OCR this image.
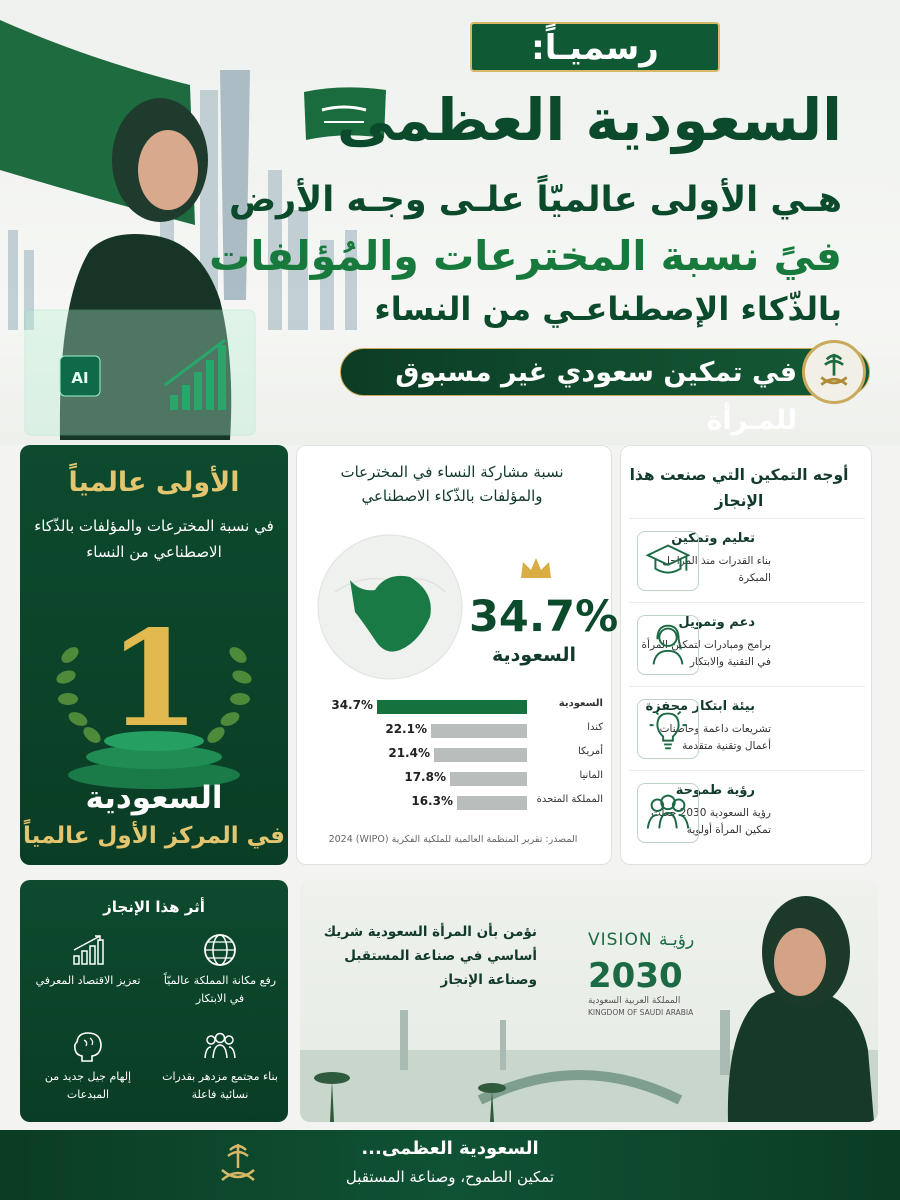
AI
رسميـاً:
السعودية العظمى
هـي الأولى عالميّاً علـى وجـه الأرض
فيً نسبة المخترعات والمُؤلفات
بالذّكاء الإصطناعـي من النساء
في تمكين سعودي غير مسبوق للمـرأة
الأولى عالمياً
في نسبة المخترعات والمؤلفات بالذّكاء الاصطناعي من النساء
1
السعودية
في المركز الأول عالمياً
نسبة مشاركة النساء في المخترعات والمؤلفات بالذّكاء الاصطناعي
34.7%
السعودية
السعودية
34.7%
كندا
22.1%
أمريكا
21.4%
المانيا
17.8%
المملكة المتحدة
16.3%
المصدر: تقرير المنظمة العالمية للملكية الفكرية (WIPO) 2024
أوجه التمكين التي صنعت هذا الإنجاز
تعليم وتمكين
بناء القدرات منذ المراحل المبكرة
دعم وتمويل
برامج ومبادرات لتمكين المرأة في التقنية والابتكار
بيئة ابتكار محفزة
تشريعات داعمة وحاضنات أعمال وتقنية متقدمة
رؤية طموحة
رؤية السعودية 2030 جعلت تمكين المرأة أولوية
أثر هذا الإنجاز
رفع مكانة المملكة عالميّاً في الابتكار
تعزيز الاقتصاد المعرفي
بناء مجتمع مزدهر بقدرات نسائية فاعلة
إلهام جيل جديد من المبدعات
نؤمن بأن المرأة السعودية شريك أساسي في صناعة المستقبل وصناعة الإنجاز
VISION رؤيـة
2030
المملكة العربية السعودية
KINGDOM OF SAUDI ARABIA
السعودية العظمى...
تمكين الطموح، وصناعة المستقبل
